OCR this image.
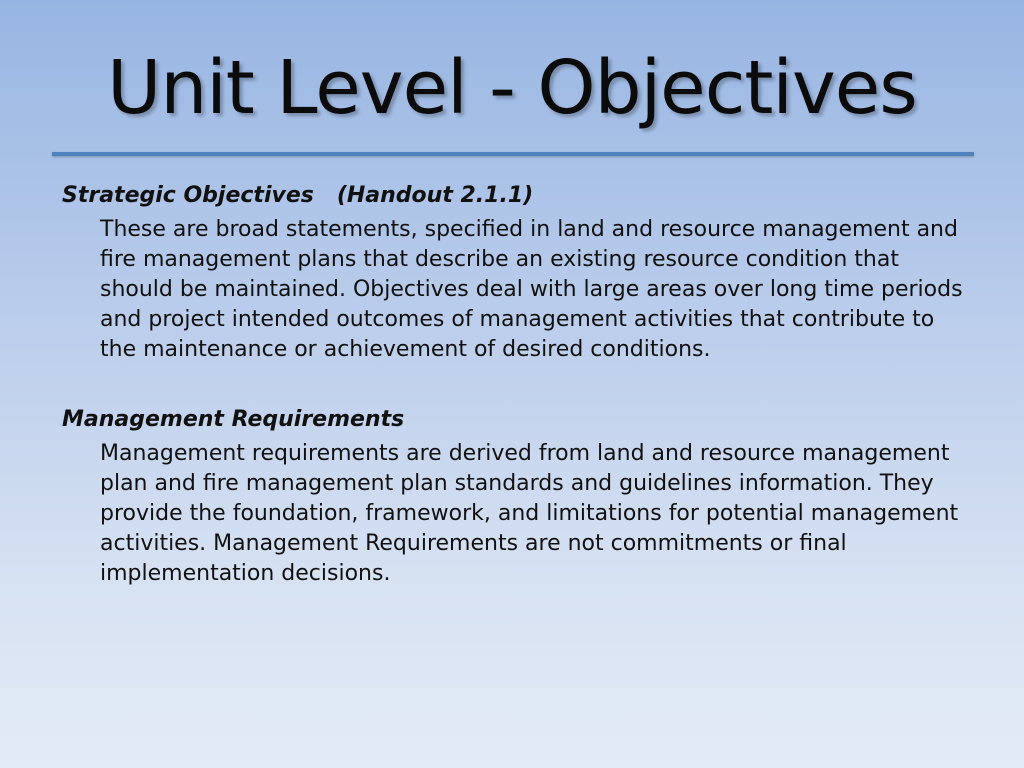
Unit Level - Objectives

Strategic Objectives   (Handout 2.1.1)

These are broad statements, specified in land and resource management and fire management plans that describe an existing resource condition that should be maintained. Objectives deal with large areas over long time periods and project intended outcomes of management activities that contribute to the maintenance or achievement of desired conditions.

Management Requirements

Management requirements are derived from land and resource management plan and fire management plan standards and guidelines information. They provide the foundation, framework, and limitations for potential management activities. Management Requirements are not commitments or final implementation decisions.
